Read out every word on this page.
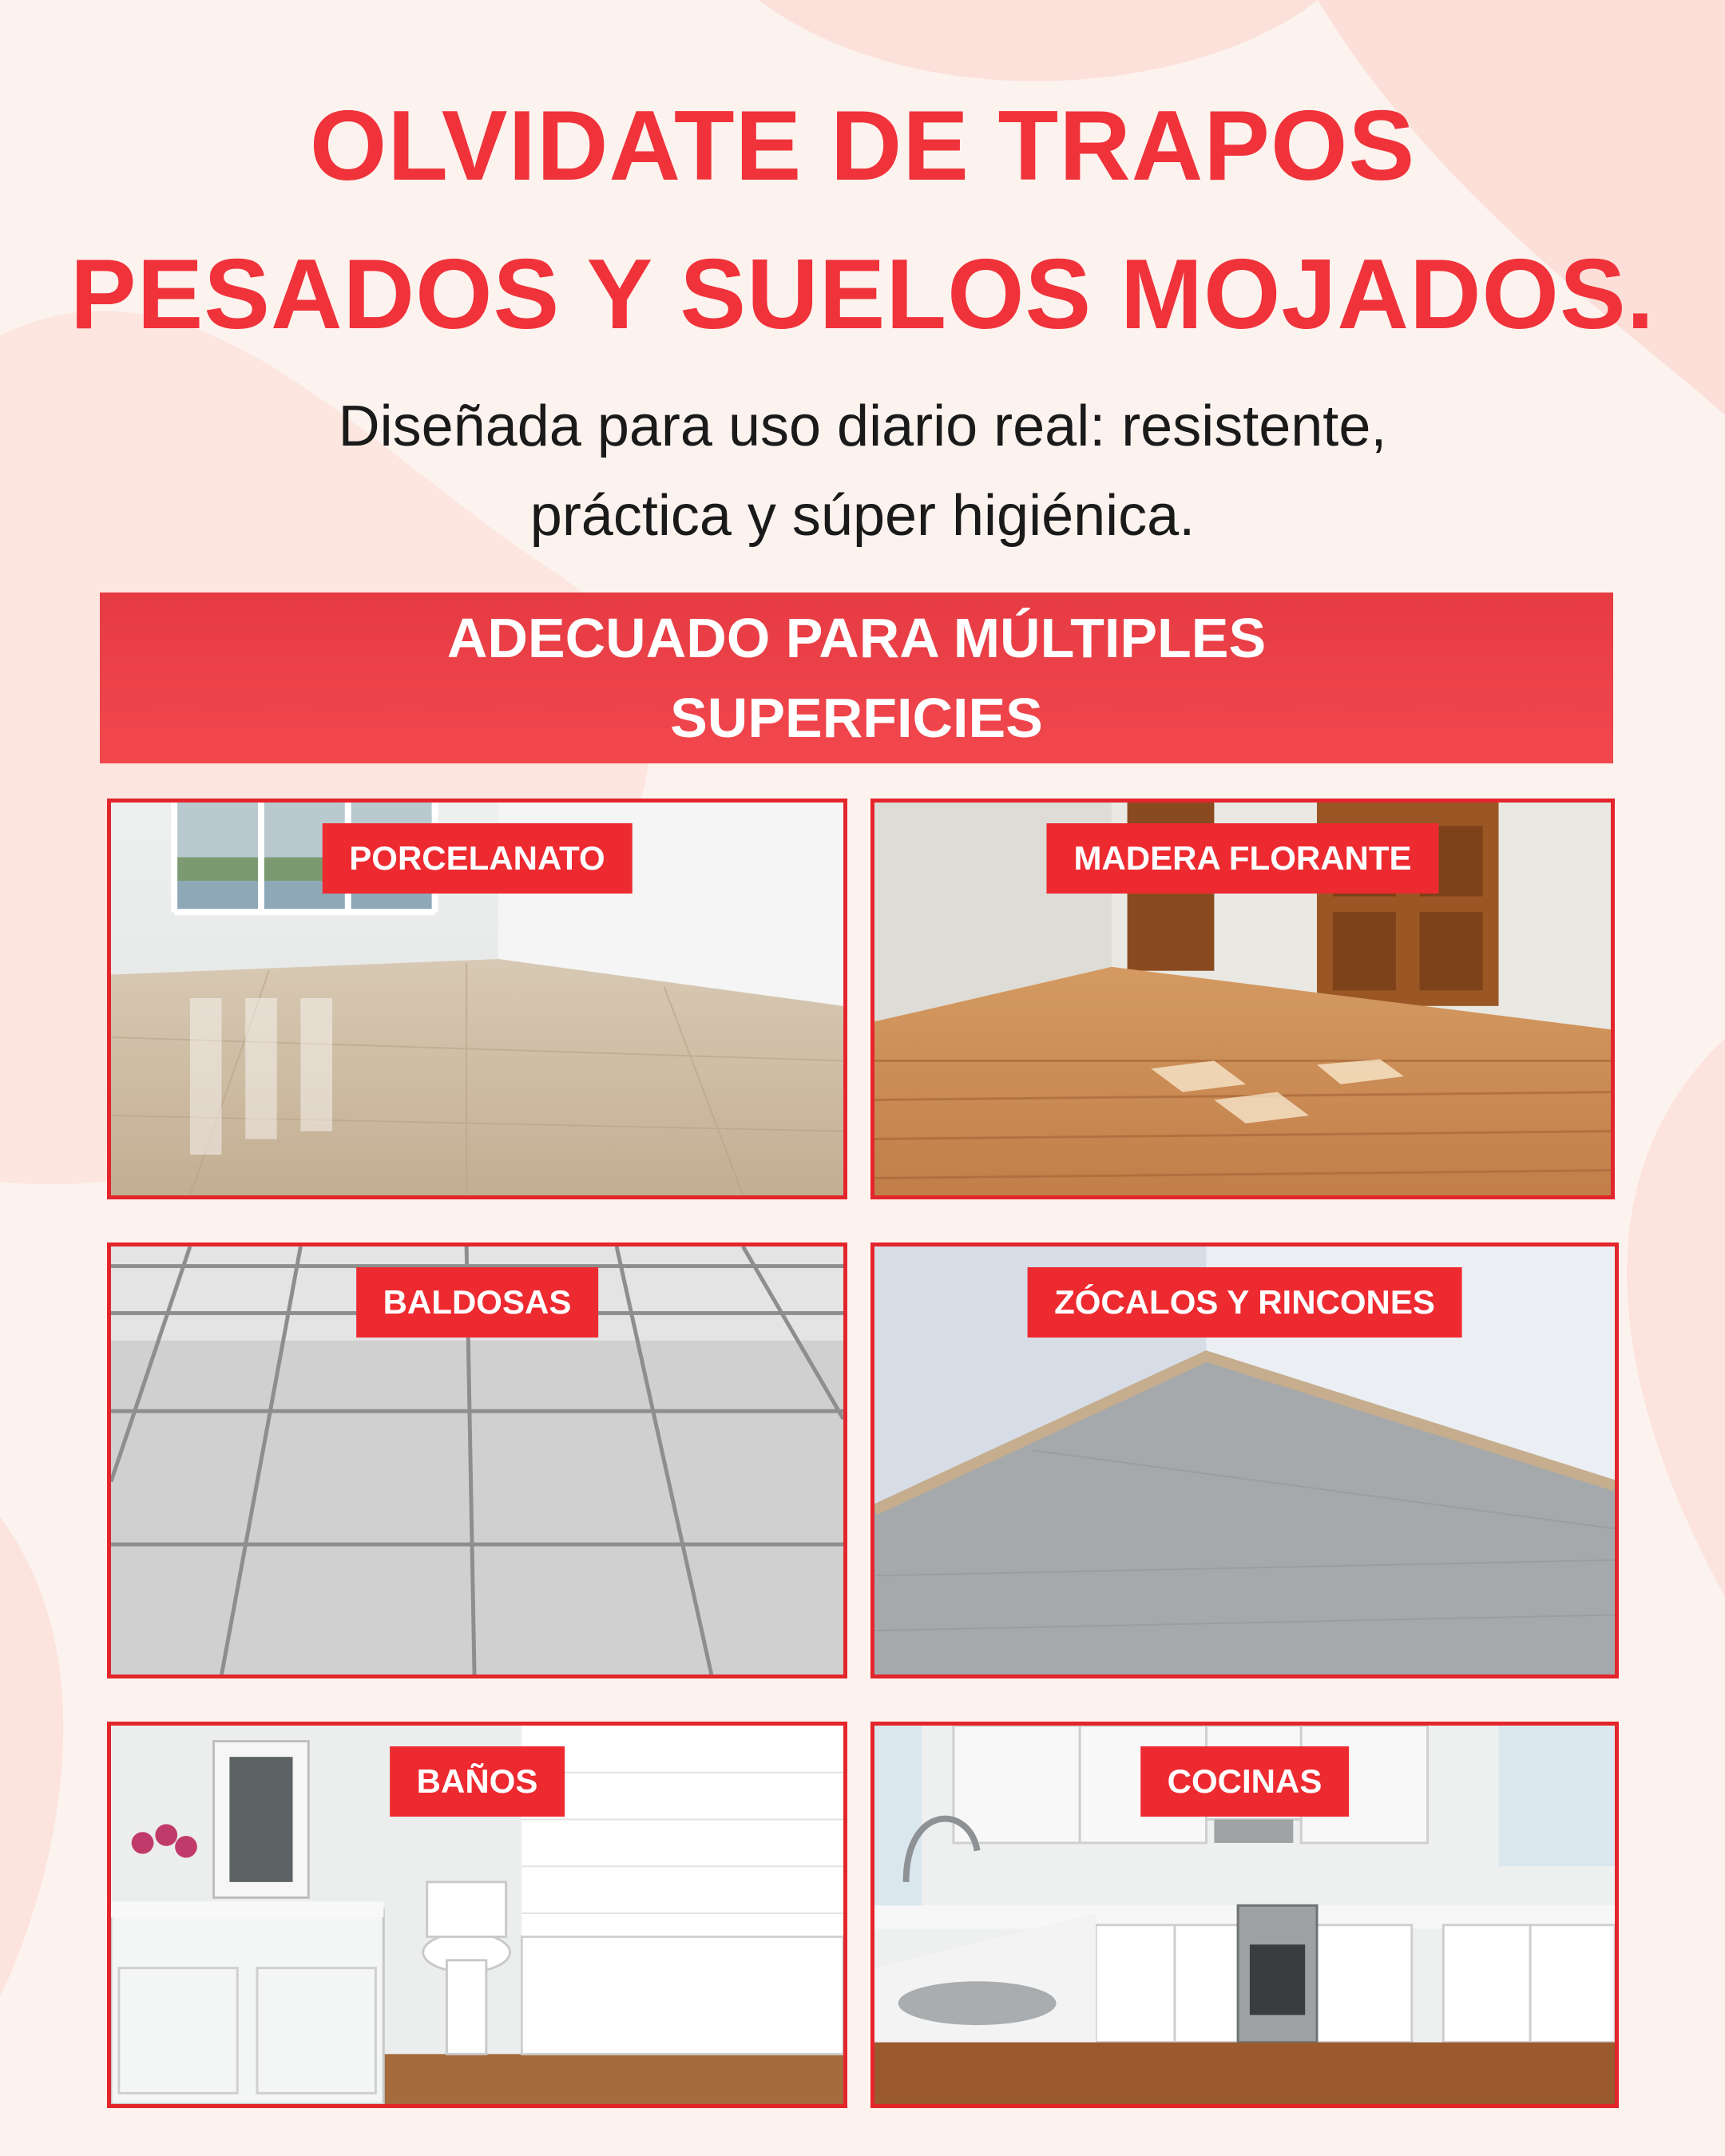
OLVIDATE DE TRAPOS
PESADOS Y SUELOS MOJADOS.

Diseñada para uso diario real: resistente,
práctica y súper higiénica.

ADECUADO PARA MÚLTIPLES
SUPERFICIES
PORCELANATO	MADERA FLORANTE
BALDOSAS	ZÓCALOS Y RINCONES
BAÑOS	COCINAS
